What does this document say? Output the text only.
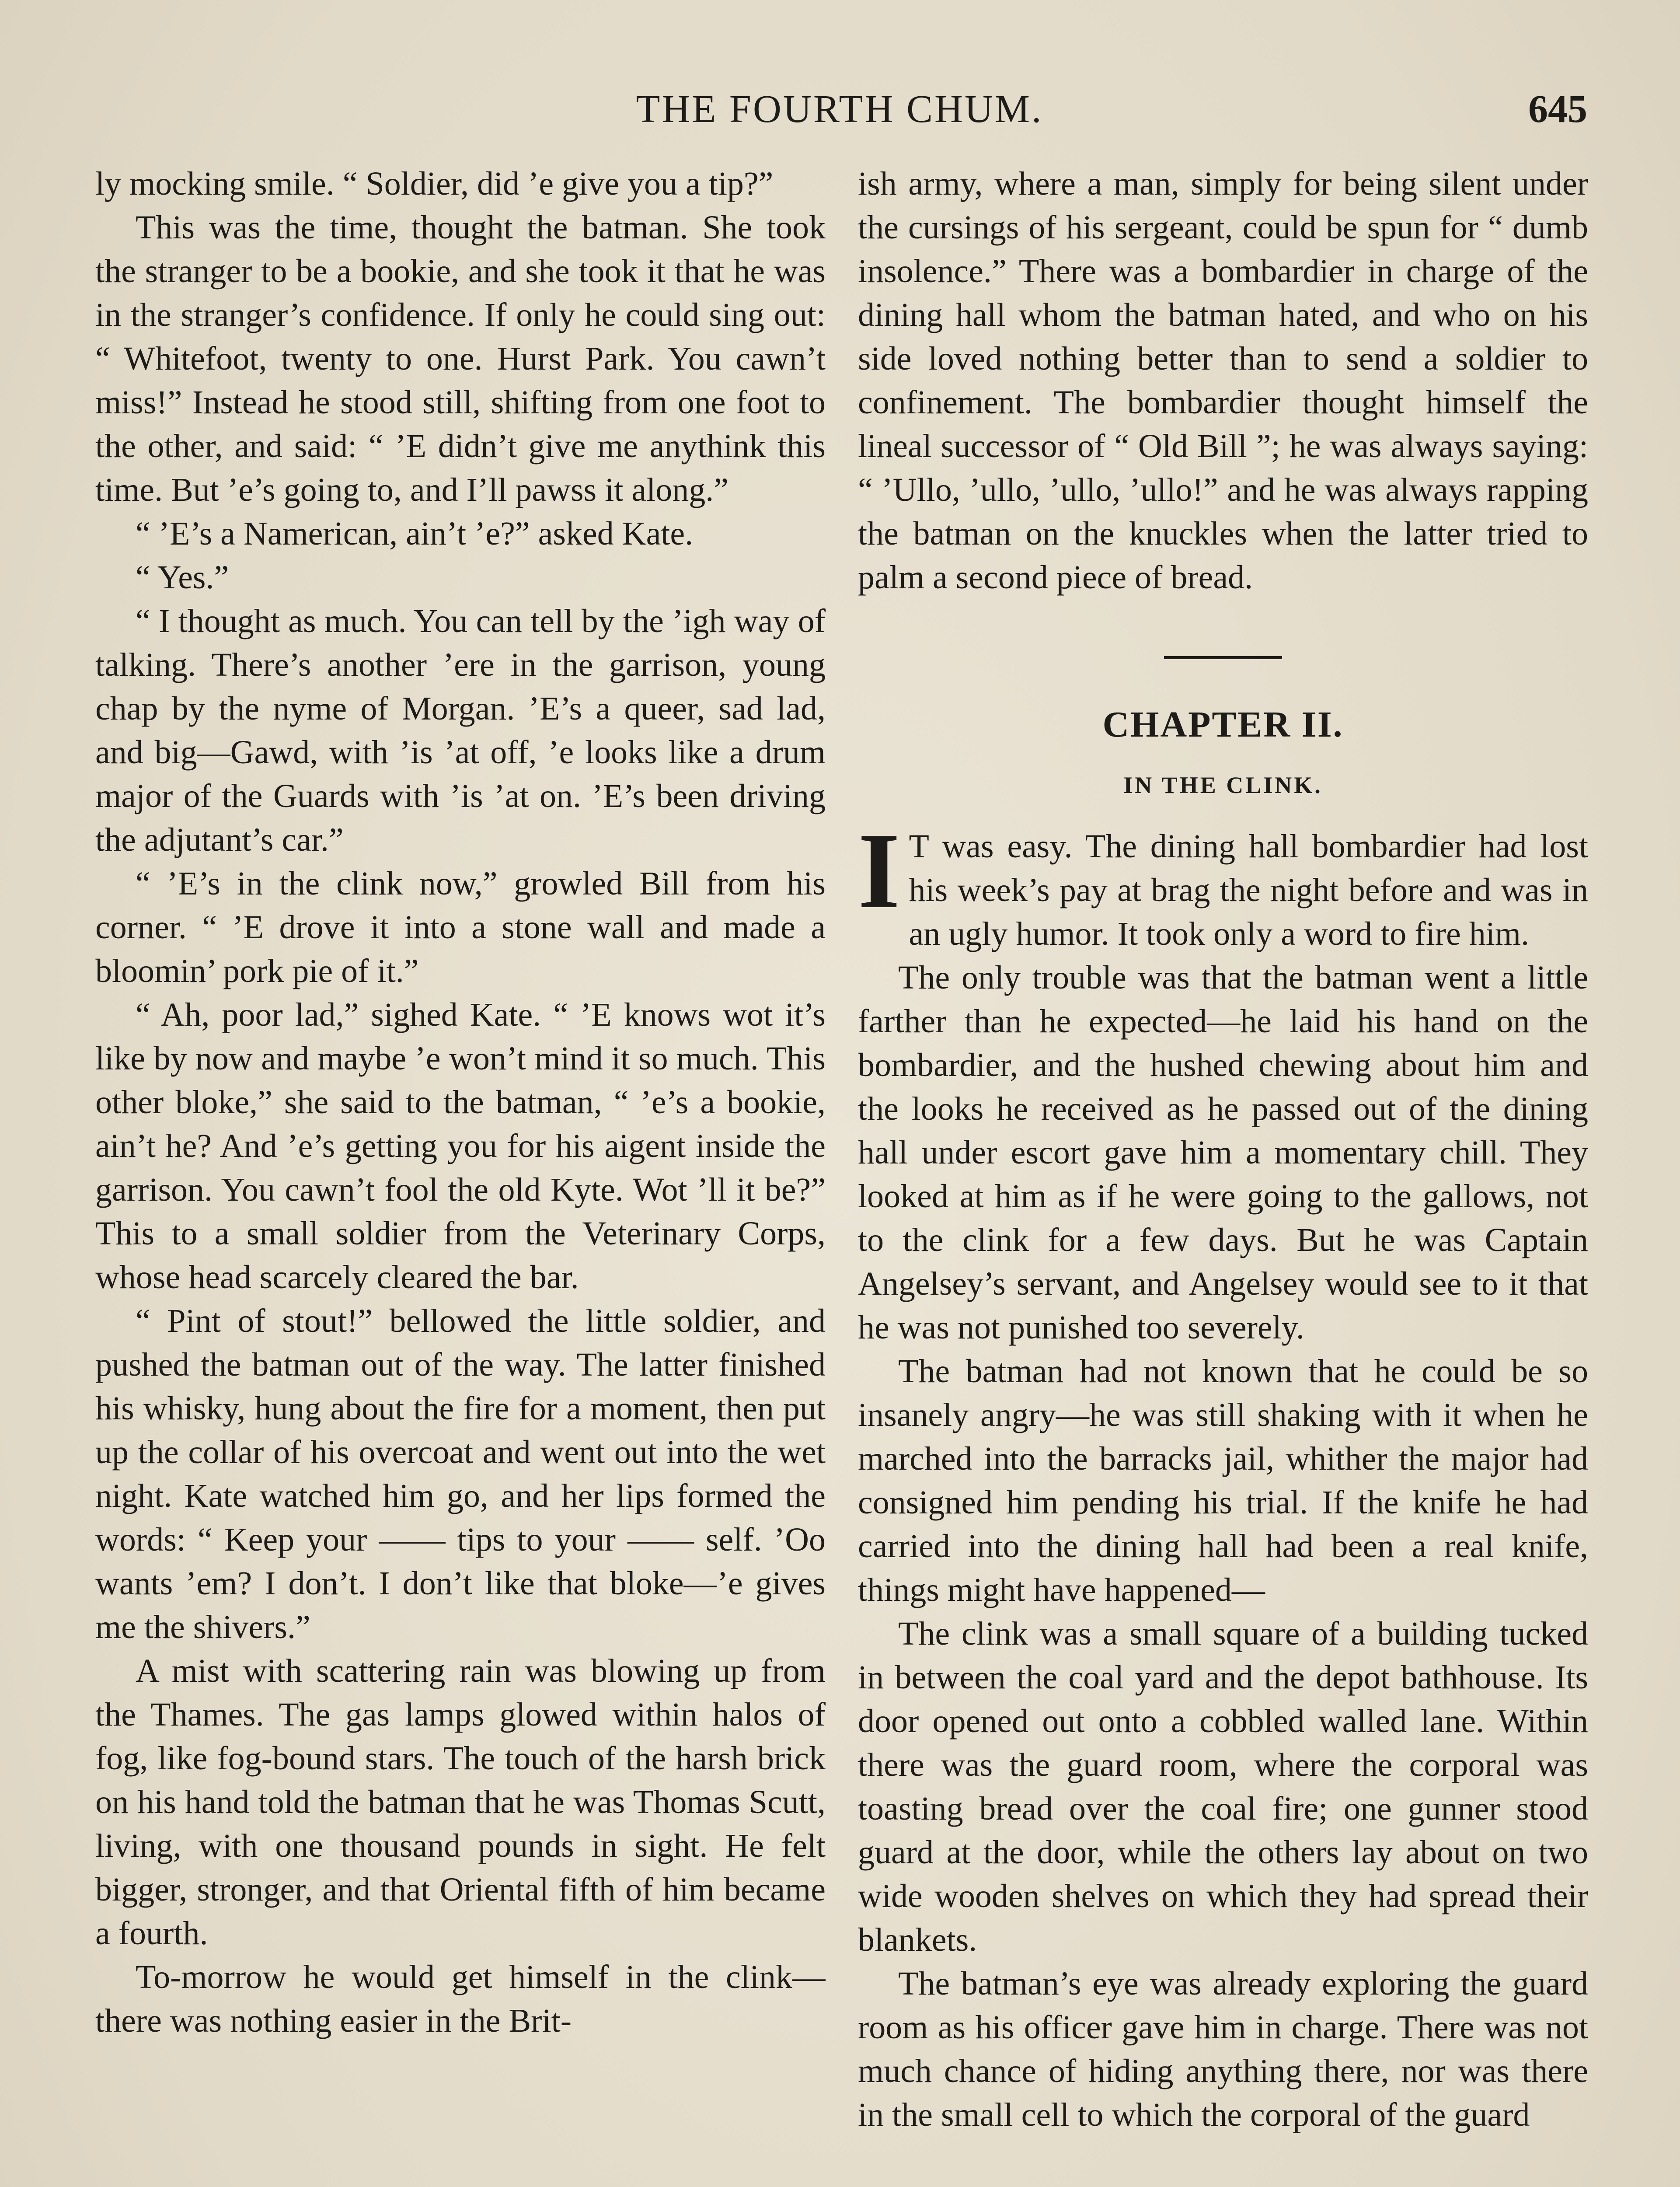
THE FOURTH CHUM.	645

ly mocking smile. “ Soldier, did ’e give you a tip?”

This was the time, thought the batman. She took the stranger to be a bookie, and she took it that he was in the stranger’s confidence. If only he could sing out: “ Whitefoot, twenty to one. Hurst Park. You cawn’t miss!” Instead he stood still, shifting from one foot to the other, and said: “ ’E didn’t give me anythink this time. But ’e’s going to, and I’ll pawss it along.”

“ ’E’s a Namerican, ain’t ’e?” asked Kate.

“ Yes.”

“ I thought as much. You can tell by the ’igh way of talking. There’s another ’ere in the garrison, young chap by the nyme of Morgan. ’E’s a queer, sad lad, and big—Gawd, with ’is ’at off, ’e looks like a drum major of the Guards with ’is ’at on. ’E’s been driving the adjutant’s car.”

“ ’E’s in the clink now,” growled Bill from his corner. “ ’E drove it into a stone wall and made a bloomin’ pork pie of it.”

“ Ah, poor lad,” sighed Kate. “ ’E knows wot it’s like by now and maybe ’e won’t mind it so much. This other bloke,” she said to the batman, “ ’e’s a bookie, ain’t he? And ’e’s getting you for his aigent inside the garrison. You cawn’t fool the old Kyte. Wot ’ll it be?” This to a small soldier from the Veterinary Corps, whose head scarcely cleared the bar.

“ Pint of stout!” bellowed the little soldier, and pushed the batman out of the way. The latter finished his whisky, hung about the fire for a moment, then put up the collar of his overcoat and went out into the wet night. Kate watched him go, and her lips formed the words: “ Keep your —— tips to your —— self. ’Oo wants ’em? I don’t. I don’t like that bloke—’e gives me the shivers.”

A mist with scattering rain was blowing up from the Thames. The gas lamps glowed within halos of fog, like fog-bound stars. The touch of the harsh brick on his hand told the batman that he was Thomas Scutt, living, with one thousand pounds in sight. He felt bigger, stronger, and that Oriental fifth of him became a fourth.

To-morrow he would get himself in the clink—there was nothing easier in the Brit-

ish army, where a man, simply for being silent under the cursings of his sergeant, could be spun for “ dumb insolence.” There was a bombardier in charge of the dining hall whom the batman hated, and who on his side loved nothing better than to send a soldier to confinement. The bombardier thought himself the lineal successor of “ Old Bill ”; he was always saying: “ ’Ullo, ’ullo, ’ullo, ’ullo!” and he was always rapping the batman on the knuckles when the latter tried to palm a second piece of bread.

CHAPTER II.
IN THE CLINK.

I T was easy. The dining hall bombardier had lost his week’s pay at brag the night before and was in an ugly humor. It took only a word to fire him.

The only trouble was that the batman went a little farther than he expected—he laid his hand on the bombardier, and the hushed chewing about him and the looks he received as he passed out of the dining hall under escort gave him a momentary chill. They looked at him as if he were going to the gallows, not to the clink for a few days. But he was Captain Angelsey’s servant, and Angelsey would see to it that he was not punished too severely.

The batman had not known that he could be so insanely angry—he was still shaking with it when he marched into the barracks jail, whither the major had consigned him pending his trial. If the knife he had carried into the dining hall had been a real knife, things might have happened—

The clink was a small square of a building tucked in between the coal yard and the depot bathhouse. Its door opened out onto a cobbled walled lane. Within there was the guard room, where the corporal was toasting bread over the coal fire; one gunner stood guard at the door, while the others lay about on two wide wooden shelves on which they had spread their blankets.

The batman’s eye was already exploring the guard room as his officer gave him in charge. There was not much chance of hiding anything there, nor was there in the small cell to which the corporal of the guard
